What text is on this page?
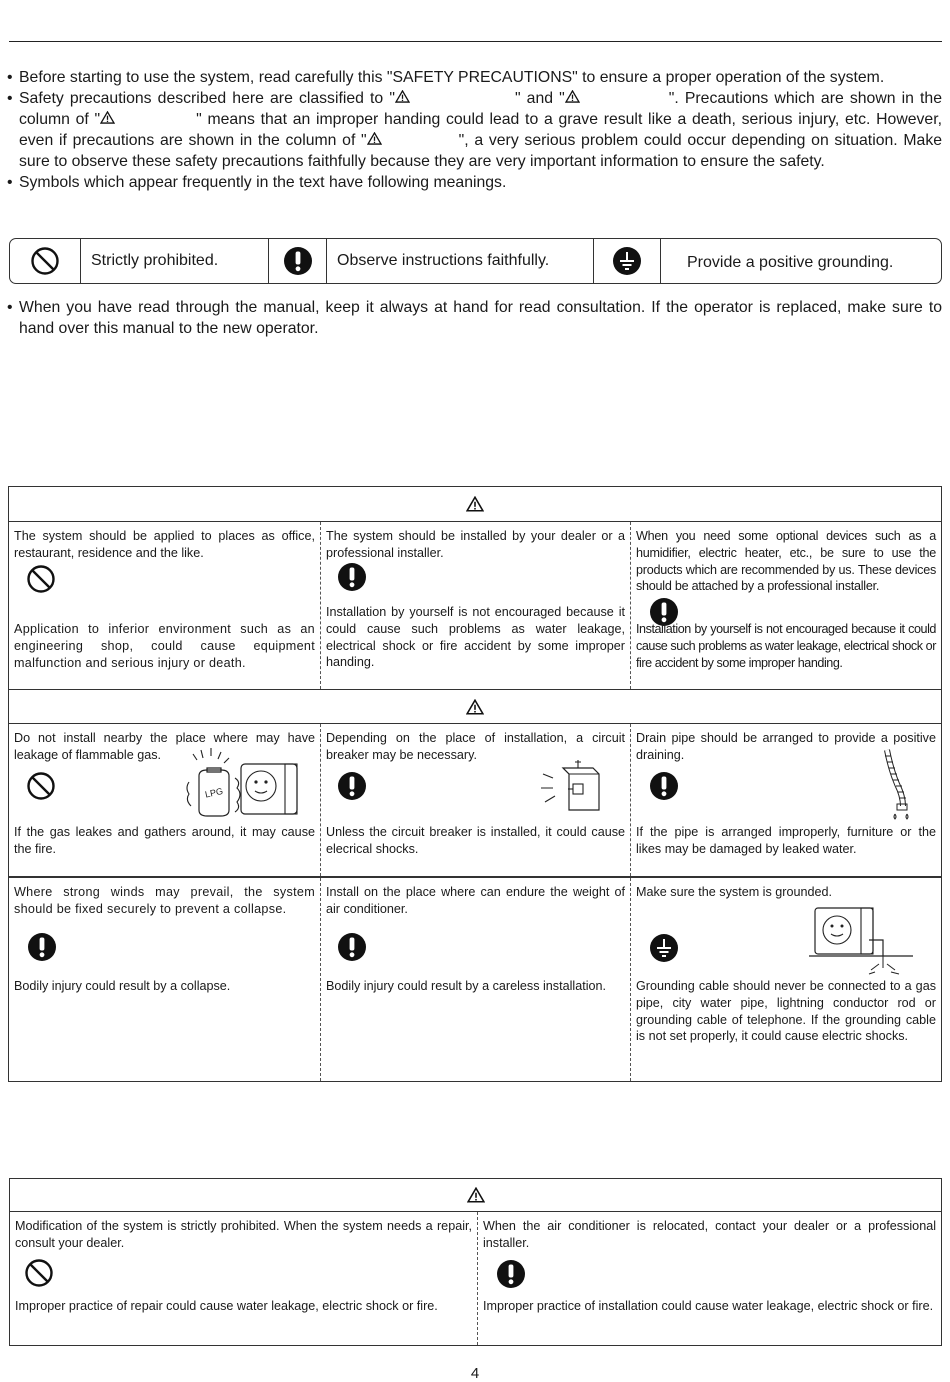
• Before starting to use the system, read carefully this "SAFETY PRECAUTIONS" to ensure a proper operation of the system.
• Safety precautions described here are classified to "	" and "	". Precautions which are shown in the column of "	" means that an improper handing could lead to a grave result like a death, serious injury, etc. However, even if precautions are shown in the column of "	", a very serious problem could occur depending on situation. Make sure to observe these safety precautions faithfully because they are very important information to ensure the safety.
• Symbols which appear frequently in the text have following meanings.
Strictly prohibited.	Observe instructions faithfully.	Provide a positive grounding.
• When you have read through the manual, keep it always at hand for read consultation. If the operator is replaced, make sure to hand over this manual to the new operator.
The system should be applied to places as office, restaurant, residence and the like.
Application to inferior environment such as an engineering shop, could cause equipment malfunction and serious injury or death.
The system should be installed by your dealer or a professional installer.
Installation by yourself is not encouraged because it could cause such problems as water leakage, electrical shock or fire accident by some improper handing.
When you need some optional devices such as a humidifier, electric heater, etc., be sure to use the products which are recommended by us. These devices should be attached by a professional installer.
Installation by yourself is not encouraged because it could cause such problems as water leakage, electrical shock or fire accident by some improper handing.
Do not install nearby the place where may have leakage of flammable gas.
LPG
If the gas leakes and gathers around, it may cause the fire.
Depending on the place of installation, a circuit breaker may be necessary.
Unless the circuit breaker is installed, it could cause elecrical shocks.
Drain pipe should be arranged to provide a positive draining.
If the pipe is arranged improperly, furniture or the likes may be damaged by leaked water.
Where strong winds may prevail, the system should be fixed securely to prevent a collapse.
Bodily injury could result by a collapse.
Install on the place where can endure the weight of air conditioner.
Bodily injury could result by a careless installation.
Make sure the system is grounded.
Grounding cable should never be connected to a gas pipe, city water pipe, lightning conductor rod or grounding cable of telephone. If the grounding cable is not set properly, it could cause electric shocks.
Modification of the system is strictly prohibited. When the system needs a repair, consult your dealer.
Improper practice of repair could cause water leakage, electric shock or fire.
When the air conditioner is relocated, contact your dealer or a professional installer.
Improper practice of installation could cause water leakage, electric shock or fire.
4
